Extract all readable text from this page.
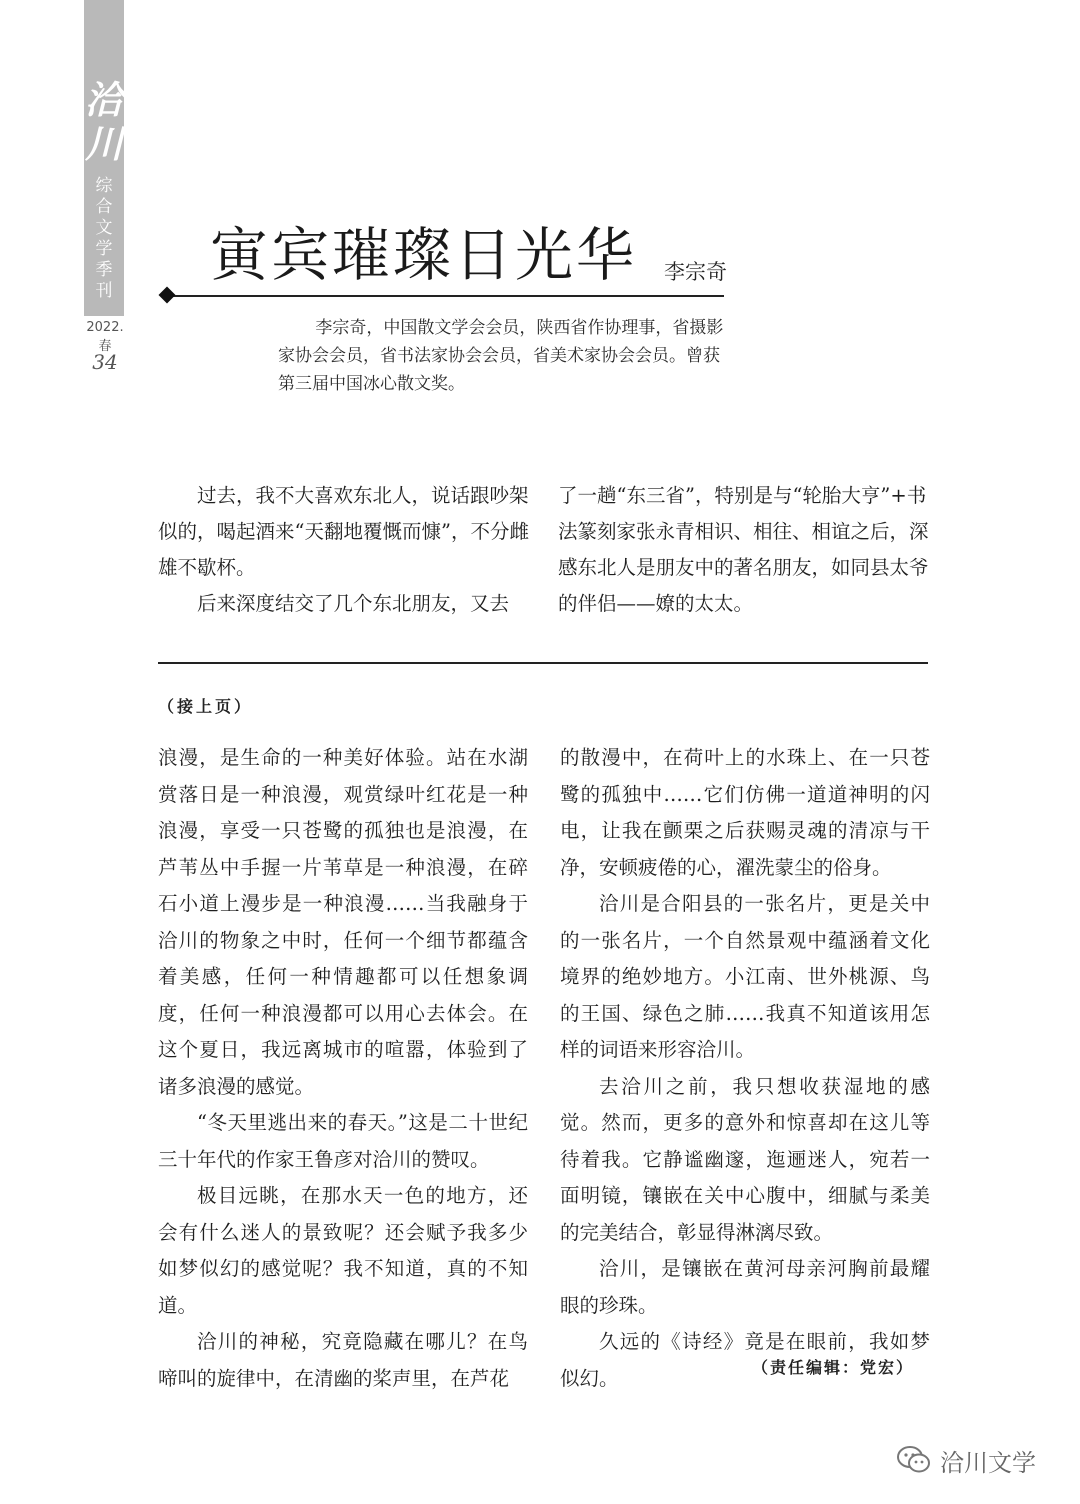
洽
川
综
合
文
学
季
刊
2022.春
34
寅宾璀璨日光华 李宗奇
李宗奇，中国散文学会会员，陕西省作协理事，省摄影家协会会员，省书法家协会会员，省美术家协会会员。曾获第三届中国冰心散文奖。

过去，我不大喜欢东北人，说话跟吵架似的，喝起酒来“天翻地覆慨而慷”，不分雌雄不歇杯。

后来深度结交了几个东北朋友，又去

了一趟“东三省”，特别是与“轮胎大亨”+书法篆刻家张永青相识、相往、相谊之后，深感东北人是朋友中的著名朋友，如同县太爷的伴侣——嫽的太太。

（接上页）

浪漫，是生命的一种美好体验。站在水湖赏落日是一种浪漫，观赏绿叶红花是一种浪漫，享受一只苍鹭的孤独也是浪漫，在芦苇丛中手握一片苇草是一种浪漫，在碎石小道上漫步是一种浪漫……当我融身于洽川的物象之中时，任何一个细节都蕴含着美感，任何一种情趣都可以任想象调度，任何一种浪漫都可以用心去体会。在这个夏日，我远离城市的喧嚣，体验到了诸多浪漫的感觉。

“冬天里逃出来的春天。”这是二十世纪三十年代的作家王鲁彦对洽川的赞叹。

极目远眺，在那水天一色的地方，还会有什么迷人的景致呢？还会赋予我多少如梦似幻的感觉呢？我不知道，真的不知道。

洽川的神秘，究竟隐藏在哪儿？在鸟啼叫的旋律中，在清幽的桨声里，在芦花

的散漫中，在荷叶上的水珠上、在一只苍鹭的孤独中……它们仿佛一道道神明的闪电，让我在颤栗之后获赐灵魂的清凉与干净，安顿疲倦的心，濯洗蒙尘的俗身。

洽川是合阳县的一张名片，更是关中的一张名片，一个自然景观中蕴涵着文化境界的绝妙地方。小江南、世外桃源、鸟的王国、绿色之肺……我真不知道该用怎样的词语来形容洽川。

去洽川之前，我只想收获湿地的感觉。然而，更多的意外和惊喜却在这儿等待着我。它静谧幽邃，迤逦迷人，宛若一面明镜，镶嵌在关中心腹中，细腻与柔美的完美结合，彰显得淋漓尽致。

洽川，是镶嵌在黄河母亲河胸前最耀眼的珍珠。

久远的《诗经》竟是在眼前，我如梦似幻。	（责任编辑：党宏）
洽川文学
